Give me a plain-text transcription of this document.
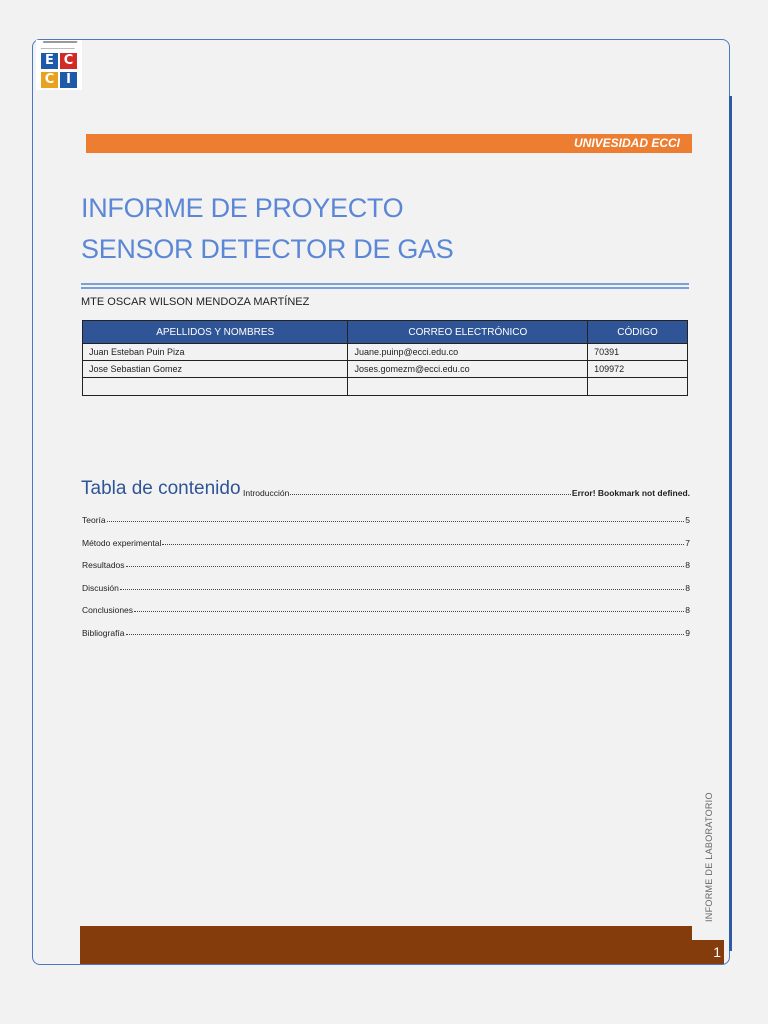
E C
C I
UNIVESIDAD ECCI
INFORME DE PROYECTO
SENSOR DETECTOR DE GAS
MTE OSCAR WILSON MENDOZA MARTÍNEZ
APELLIDOS Y NOMBRES	CORREO ELECTRÓNICO	CÓDIGO
Juan Esteban Puin Piza	Juane.puinp@ecci.edu.co	70391
Jose Sebastian Gomez	Joses.gomezm@ecci.edu.co	109972

Tabla de contenido Introducción	Error! Bookmark not defined.
Teoría	5
Método experimental	7
Resultados	8
Discusión	8
Conclusiones	8
Bibliografía	9
INFORME DE LABORATORIO
1
